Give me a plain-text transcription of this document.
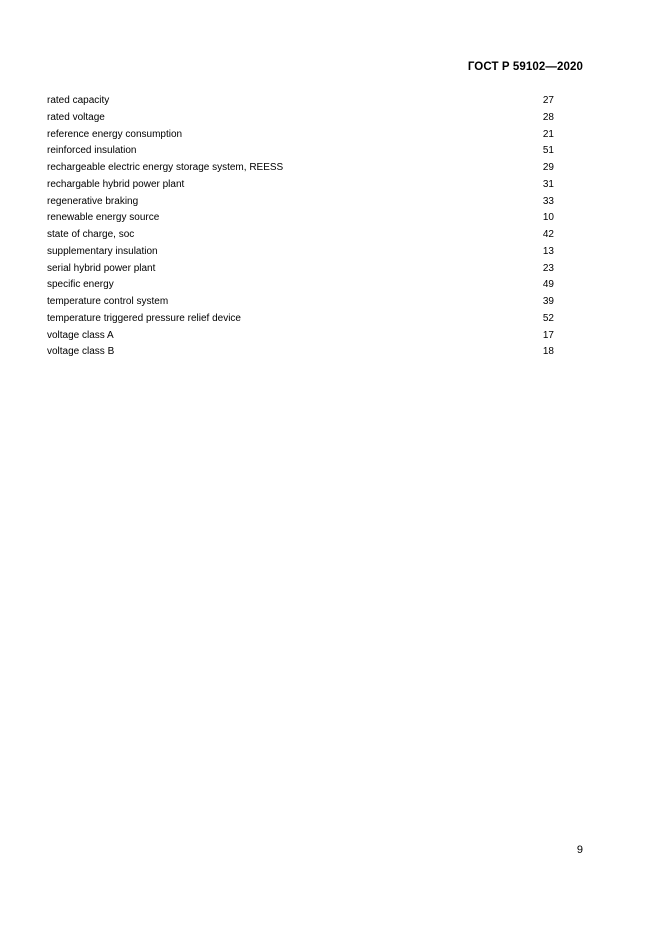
ГОСТ Р 59102—2020
rated capacity	27
rated voltage	28
reference energy consumption	21
reinforced insulation	51
rechargeable electric energy storage system, REESS	29
rechargable hybrid power plant	31
regenerative braking	33
renewable energy source	10
state of charge, soc	42
supplementary insulation	13
serial hybrid power plant	23
specific energy	49
temperature control system	39
temperature triggered pressure relief device	52
voltage class A	17
voltage class B	18
9
